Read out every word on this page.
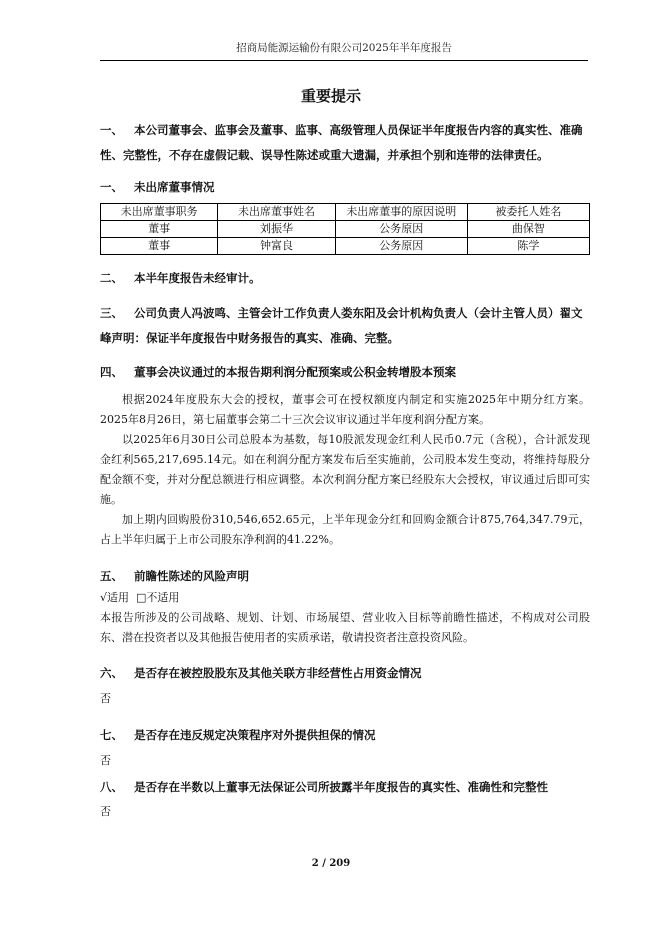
招商局能源运输份有限公司2025年半年度报告
重要提示
一、 本公司董事会、监事会及董事、监事、高级管理人员保证半年度报告内容的真实性、准确性、完整性，不存在虚假记载、误导性陈述或重大遗漏，并承担个别和连带的法律责任。
一、 未出席董事情况
未出席董事职务	未出席董事姓名	未出席董事的原因说明	被委托人姓名
董事	刘振华	公务原因	曲保智
董事	钟富良	公务原因	陈学
二、 本半年度报告未经审计。
三、 公司负责人冯波鸣、主管会计工作负责人娄东阳及会计机构负责人（会计主管人员）翟文峰声明：保证半年度报告中财务报告的真实、准确、完整。
四、 董事会决议通过的本报告期利润分配预案或公积金转增股本预案
根据2024年度股东大会的授权，董事会可在授权额度内制定和实施2025年中期分红方案。2025年8月26日，第七届董事会第二十三次会议审议通过半年度利润分配方案。
以2025年6月30日公司总股本为基数，每10股派发现金红利人民币0.7元（含税），合计派发现金红利565,217,695.14元。如在利润分配方案发布后至实施前，公司股本发生变动，将维持每股分配金额不变，并对分配总额进行相应调整。本次利润分配方案已经股东大会授权，审议通过后即可实施。
加上期内回购股份310,546,652.65元，上半年现金分红和回购金额合计875,764,347.79元，占上半年归属于上市公司股东净利润的41.22%。
五、 前瞻性陈述的风险声明
√适用 □不适用
本报告所涉及的公司战略、规划、计划、市场展望、营业收入目标等前瞻性描述，不构成对公司股东、潜在投资者以及其他报告使用者的实质承诺，敬请投资者注意投资风险。
六、 是否存在被控股股东及其他关联方非经营性占用资金情况
否
七、 是否存在违反规定决策程序对外提供担保的情况
否
八、 是否存在半数以上董事无法保证公司所披露半年度报告的真实性、准确性和完整性
否
2 / 209
